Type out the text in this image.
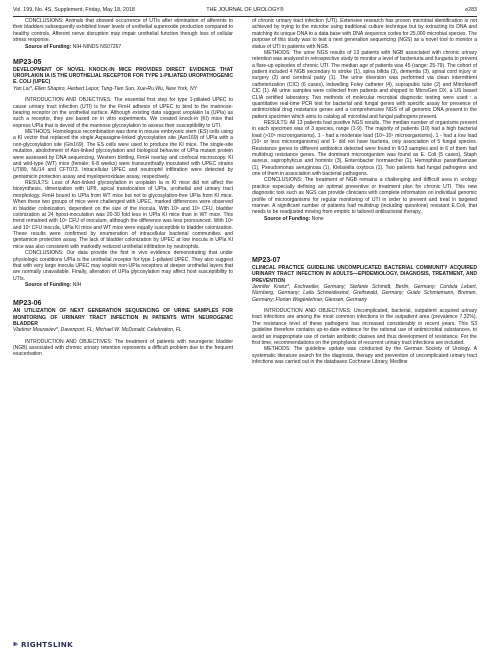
Vol. 199, No. 4S, Supplement, Friday, May 18, 2018	THE JOURNAL OF UROLOGY®	e283

CONCLUSIONS: Animals that showed occurrence of UTIs after elimination of afferents to their bladders subsequently exhibited lower levels of urothelial superoxide production compared to healthy controls. Afferent nerve disruption may impair urothelial function through loss of cellular stress response.

Source of Funding: NIH-NINDS NS07267

MP23-05

DEVELOPMENT OF NOVEL KNOCK-IN MICE PROVIDES DIRECT EVIDENCE THAT UROPLAKIN IA IS THE UROTHELIAL RECEPTOR FOR TYPE 1-PILIATED UROPATHOGENIC E. COLI (UPEC)

Yan Liu*, Ellen Shapiro, Herbert Lepor, Tung-Tien Sun, Xue-Ru Wu, New York, NY

INTRODUCTION AND OBJECTIVES: The essential first step for type 1-piliated UPEC to cause urinary tract infection (UTI) is for the FimH adhesin of UPEC to bind to the mannose-bearing receptor on the urothelial surface. Although existing data suggest uroplakin Ia (UPIa) as such a receptor, they are based on in vitro experiments. We created knock-in (KI) mice that express UPIa that is devoid of the mannose glycosylation to assess their susceptibility to UTI.

METHODS: Homologous recombination was done in mouse embryonic stem (ES) cells using a KI vector that replaced the single Asparagine-linked glycosylation site (Asn169) of UPIa with a non-glycosylation site (Gln169). The ES cells were used to produce the KI mice. The single-site mutation, abolishment of Asn-linked glycosylation and biological behavior of UPIa mutant protein were assessed by DNA sequencing, Western blotting, FimH overlay and confocal microscopy. KI and wild-type (WT) mice (female; 6-8 weeks) were transurethrally inoculated with UPEC strains UTI89, NU14 and CFT073. Intracellular UPEC and neutrophil infiltration were detected by gentamicin protection assay and myeloperoxidase assay, respectively.

RESULTS: Loss of Asn-linked glycosylation in uroplakin Ia in KI mice did not affect the biosynthesis, dimerization with UPII, apical translocation of UPIa, urothelial and urinary tract morphology. FimH bound to UPIa from WT mice but not to glycosylation-free UPIa from KI mice. When these two groups of mice were challenged with UPEC, marked differences were observed in bladder colonization, dependent on the size of the inocula. With 10⁸ and 10⁹ CFU, bladder colonization at 24 hpost-inoculation was 20-30 fold less in UPIa KI mice than in WT mice. This trend remained with 10⁶ CFU of inoculum, although the difference was less pronounced. With 10⁸ and 10⁷ CFU inocula, UPIa KI mice and WT mice were equally susceptible to bladder colonization. These results were confirmed by enumeration of intracellular bacterial communities and gentamicin protection assay. The lack of bladder colonization by UPEC at low inocula in UPIa KI mice was also consistent with markedly reduced urothelial infiltration by neutrophils.

CONCLUSIONS: Our data provide the first in vivo evidence demonstrating that under physiologic conditions UPIa is the urothelial receptor for type 1-piliated UPEC. They also suggest that with very large inocula UPEC may exploit non-UPIa receptors at deeper urothelial layers that are normally unavailable. Finally, alteration of UPIa glycosylation may affect host susceptibility to UTIs.

Source of Funding: NIH

MP23-06

AN UTILIZATION OF NEXT GENERATION SEQUENCING OF URINE SAMPLES FOR MONITORING OF URINARY TRACT INFECTION IN PATIENTS WITH NEUROGENIC BLADDER

Vladimir Mouraviev*, Davenport, FL; Michael W. McDonald, Celebration, FL

INTRODUCTION AND OBJECTIVES: The treatment of patients with neurogenic bladder (NGB) associated with chronic urinary retention represents a difficult problem due to the frequent exacerbation

of chronic urinary tract infection (UTI). Extensive research has proven microbial identification is not achieved by trying to the microbe using traditional culture technique but by extracting its DNA and matching its unique DNA to a data base with DNA sequence codes for 25,000 microbial species. The purpose of this study was to test a next generation sequencing (NGS) as a novel tool to monitor a status of UTI in patients with NGB.

METHODS: The urine NGS results of 13 patients with NGB associated with chronic urinary retention was analyzed in retrospective study to monitor a level of bacteriuria and funguria to prevent a flare-up episodes of chronic UTI. The median age of patients was 45 (range: 25-79). The cohort of patient included 4 NGB secondary to stroke (1), spina bifida (3), dementia (3), spinal cord injury or surgery (2) and cerebral palsy (1). The urine diversion was performed via clean intermittent catheterization (CIC) (6 cases), indwelling Foley catheter (4), suprapubic tube (2) and Mitrofanoff CIC (1). All urine samples were collected from patients and shipped to MicroGen DX, a US based CLIA certified laboratory. Two methods of molecular microbial diagnostic testing were used : a quantitative real-time PCR test for bacterial and fungal genes with specific assay for presence of antimicrobial drug resistance genes and a comprehensive NGS of all genomic DNA present in the patient specimen which aims to catalog all microbial and fungal pathogens present.

RESULTS: All 13 patients had positive NGS results. The median number of organisms present in each specimen was of 3 species, range (1-9). The majority of patients (10) had a high bacterial load (>10⁵ microorganisms), 1 - had a moderate load (10⁴-10⁵ microorganisms), 1 - had a low load (10⁴ or less microorganisms) and 1- did not have bacteria, only association of 5 fungal species. Resistance genes to different antibiotics detected were found in 9/13 samples and in 6 of them had multidrug resistance genes. The dominant microorganism was found as E. Coli (5 cases), Staph aureus, saprophyticus and hominis (3), Enterobacter hormaechei (1), Hemophilus parainfluenzae (1), Pseudomonas aeruginosa (1), Klebsiella oxytoca (1). Two patients had fungal pathogens and one of them in association with bacterial pathogens.

CONCLUSIONS: The treatment of NGB remains a challenging and difficult area in urology practice especially defining an optimal preventive or treatment plan for chronic UTI. This new diagnostic tool such as NGS can provide clinicians with complete information on individual genomic profile of microorganisms for regular monitoring of UTI in order to prevent and treat in targeted manner. A significant number of patients had multidrug (including quinolone) resistant E.Coli, that needs to be readjusted moving from empiric to tailored antibacterial therapy.

Source of Funding: None

MP23-07

CLINICAL PRACTICE GUIDELINE UNCOMPLICATED BACTERIAL COMMUNITY ACQUIRED URINARY TRACT INFECTION IN ADULTS—EPIDEMIOLOGY, DIAGNOSIS, TREATMENT, AND PREVENTION

Jennifer Kranz*, Eschweiler, Germany; Stefanie Schmidt, Berlin, Germany; Cordula Lebert, Nürnberg, Germany; Laila Schneidewind, Greifswald, Germany; Guido Schmiemann, Bremen, Germany; Florian Wagenlehner, Giessen, Germany

INTRODUCTION AND OBJECTIVES: Uncomplicated, bacterial, outpatient acquired urinary tract infections are among the most common infections in the outpatient area (prevalence 7.32%). The resistance level of these pathogens has increased considerably in recent years. This S3 guideline therefore contains up-to-date evidence for the rational use of antimicrobial substances, to avoid an inappropriate use of certain antibiotic classes and thus development of resistance. For the first time, recommendations on the prophylaxis of recurrent urinary tract infections are included.

METHODS: The guideline update was conducted by the German Society of Urology. A systematic literature search for the diagnosis, therapy and prevention of uncomplicated urinary tract infections was carried out in the databases Cochrane Library, Medline

RIGHTSLINK
